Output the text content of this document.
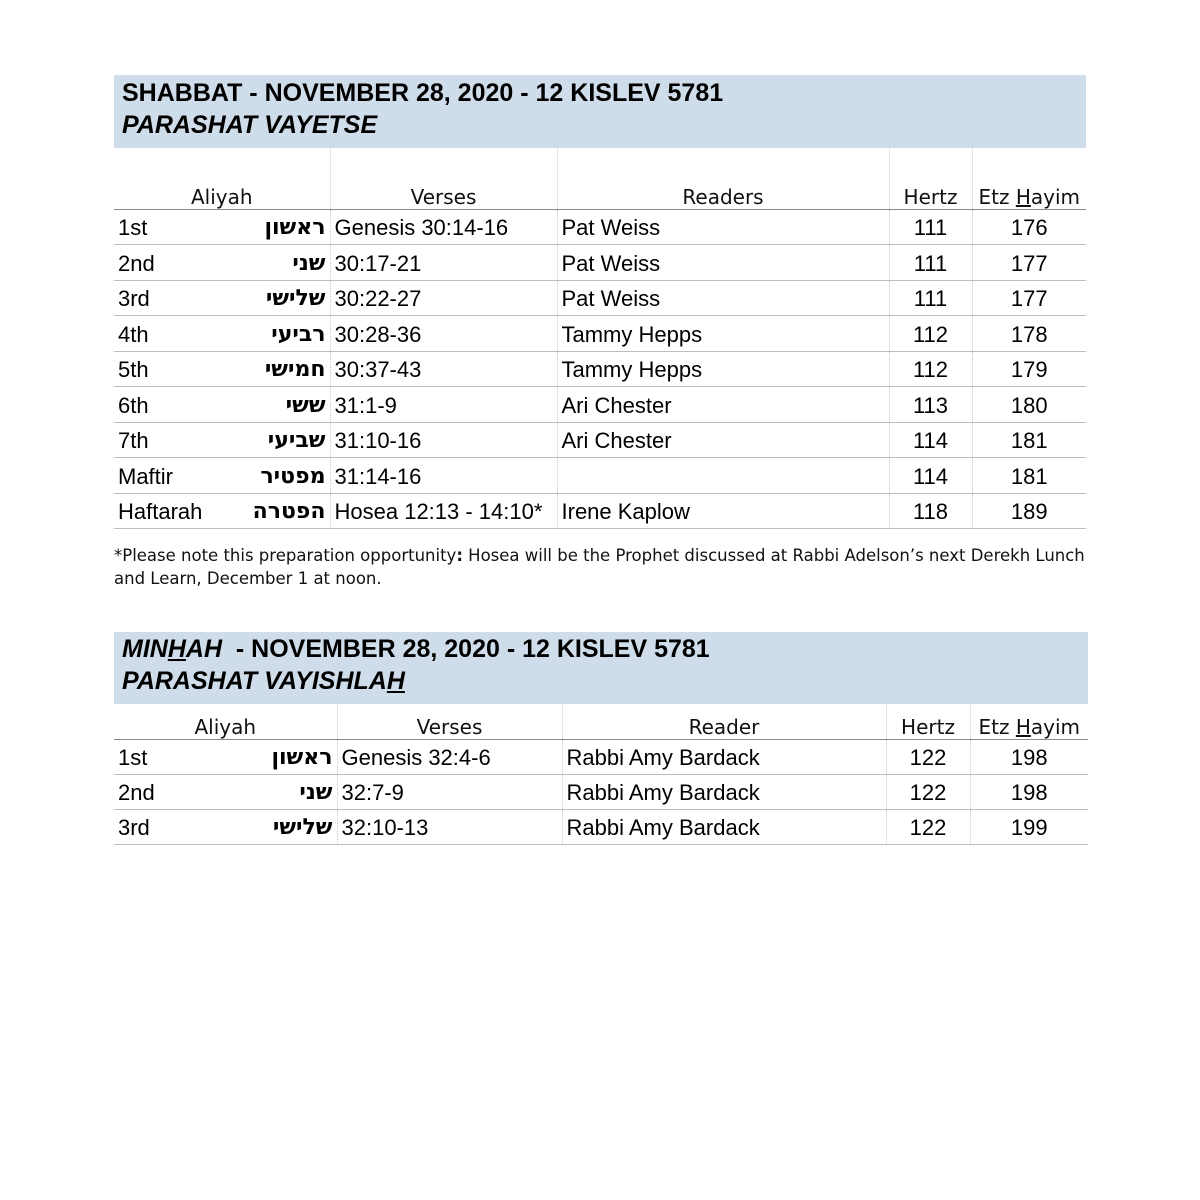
SHABBAT - NOVEMBER 28, 2020 - 12 KISLEV 5781
PARASHAT VAYETSE
Aliyah		Verses	Readers	Hertz	Etz Hayim
1st	ראשון	Genesis 30:14-16	Pat Weiss	111	176
2nd	שני	30:17-21	Pat Weiss	111	177
3rd	שלישי	30:22-27	Pat Weiss	111	177
4th	רביעי	30:28-36	Tammy Hepps	112	178
5th	חמישי	30:37-43	Tammy Hepps	112	179
6th	ששי	31:1-9	Ari Chester	113	180
7th	שביעי	31:10-16	Ari Chester	114	181
Maftir	מפטיר	31:14-16		114	181
Haftarah	הפטרה	Hosea 12:13 - 14:10*	Irene Kaplow	118	189
*Please note this preparation opportunity: Hosea will be the Prophet discussed at Rabbi Adelson’s next Derekh Lunch and Learn, December 1 at noon.
MINHAH  - NOVEMBER 28, 2020 - 12 KISLEV 5781
PARASHAT VAYISHLAH
Aliyah		Verses	Reader	Hertz	Etz Hayim
1st	ראשון	Genesis 32:4-6	Rabbi Amy Bardack	122	198
2nd	שני	32:7-9	Rabbi Amy Bardack	122	198
3rd	שלישי	32:10-13	Rabbi Amy Bardack	122	199
